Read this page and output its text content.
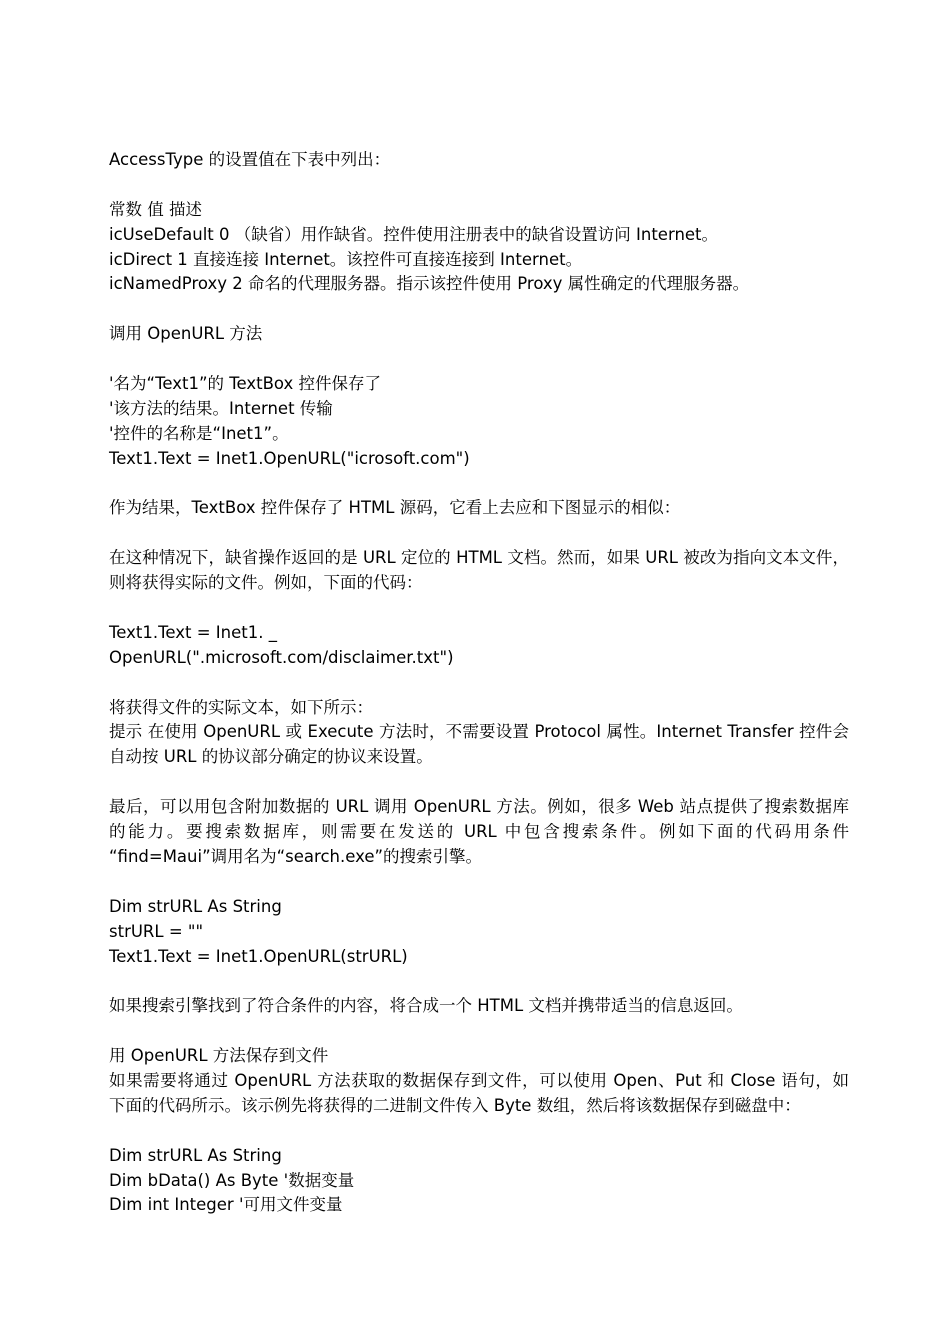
AccessType 的设置值在下表中列出：
常数 值 描述
icUseDefault 0 （缺省）用作缺省。控件使用注册表中的缺省设置访问 Internet。
icDirect 1 直接连接 Internet。该控件可直接连接到 Internet。
icNamedProxy 2 命名的代理服务器。指示该控件使用 Proxy 属性确定的代理服务器。
调用 OpenURL 方法
'名为“Text1”的 TextBox 控件保存了
'该方法的结果。Internet 传输
'控件的名称是“Inet1”。
Text1.Text = Inet1.OpenURL("icrosoft.com")
作为结果，TextBox 控件保存了 HTML 源码，它看上去应和下图显示的相似：
在这种情况下，缺省操作返回的是 URL 定位的 HTML 文档。然而，如果 URL 被改为指向文本文件，
则将获得实际的文件。例如，下面的代码：
Text1.Text = Inet1. _
OpenURL(".microsoft.com/disclaimer.txt")
将获得文件的实际文本，如下所示：
提示 在使用 OpenURL 或 Execute 方法时，不需要设置 Protocol 属性。Internet Transfer 控件会
自动按 URL 的协议部分确定的协议来设置。
最后，可以用包含附加数据的 URL 调用 OpenURL 方法。例如，很多 Web 站点提供了搜索数据库
的能力。要搜索数据库，则需要在发送的 URL 中包含搜索条件。例如下面的代码用条件
“find=Maui”调用名为“search.exe”的搜索引擎。
Dim strURL As String
strURL = ""
Text1.Text = Inet1.OpenURL(strURL)
如果搜索引擎找到了符合条件的内容，将合成一个 HTML 文档并携带适当的信息返回。
用 OpenURL 方法保存到文件
如果需要将通过 OpenURL 方法获取的数据保存到文件，可以使用 Open、Put 和 Close 语句，如
下面的代码所示。该示例先将获得的二进制文件传入 Byte 数组，然后将该数据保存到磁盘中：
Dim strURL As String
Dim bData() As Byte '数据变量
Dim int Integer '可用文件变量
